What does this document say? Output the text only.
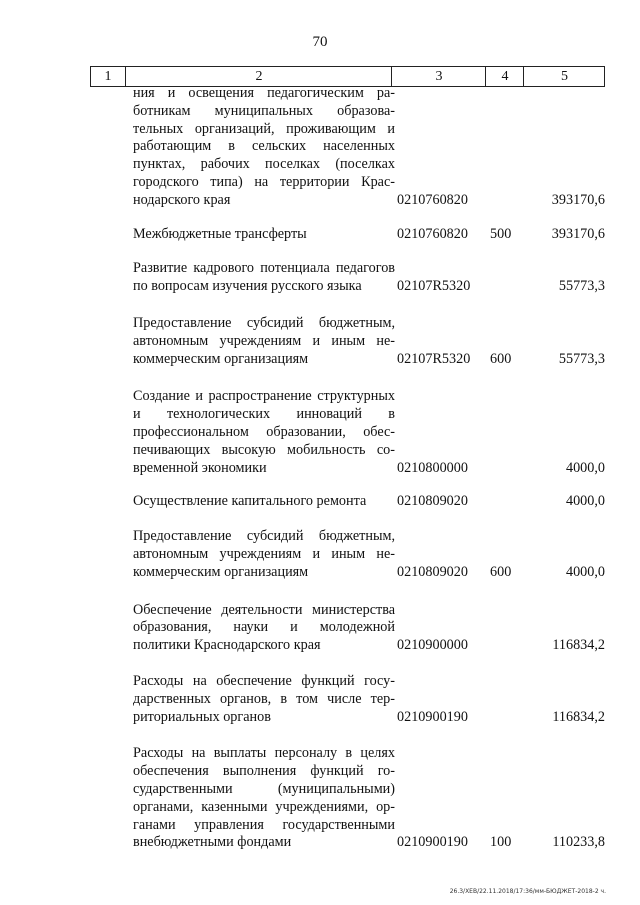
70
1	2	3	4	5
ния и освещения педагогическим работникам муниципальных образовательных организаций, проживающим и работающим в сельских населенных пунктах, рабочих поселках (поселках городского типа) на территории Краснодарского края	0210760820	393170,6
Межбюджетные трансферты	0210760820 500	393170,6
Развитие кадрового потенциала педагогов по вопросам изучения русского языка	02107R5320	55773,3
Предоставление субсидий бюджетным, автономным учреждениям и иным некоммерческим организациям	02107R5320 600	55773,3
Создание и распространение структурных и технологических инноваций в профессиональном образовании, обеспечивающих высокую мобильность современной экономики	0210800000	4000,0
Осуществление капитального ремонта	0210809020	4000,0
Предоставление субсидий бюджетным, автономным учреждениям и иным некоммерческим организациям	0210809020 600	4000,0
Обеспечение деятельности министерства образования, науки и молодежной политики Краснодарского края	0210900000	116834,2
Расходы на обеспечение функций государственных органов, в том числе территориальных органов	0210900190	116834,2
Расходы на выплаты персоналу в целях обеспечения выполнения функций государственными (муниципальными) органами, казенными учреждениями, органами управления государственными внебюджетными фондами	0210900190 100	110233,8
26.3/ХЕВ/22.11.2018/17:36/мм-БЮДЖЕТ-2018-2 ч.
